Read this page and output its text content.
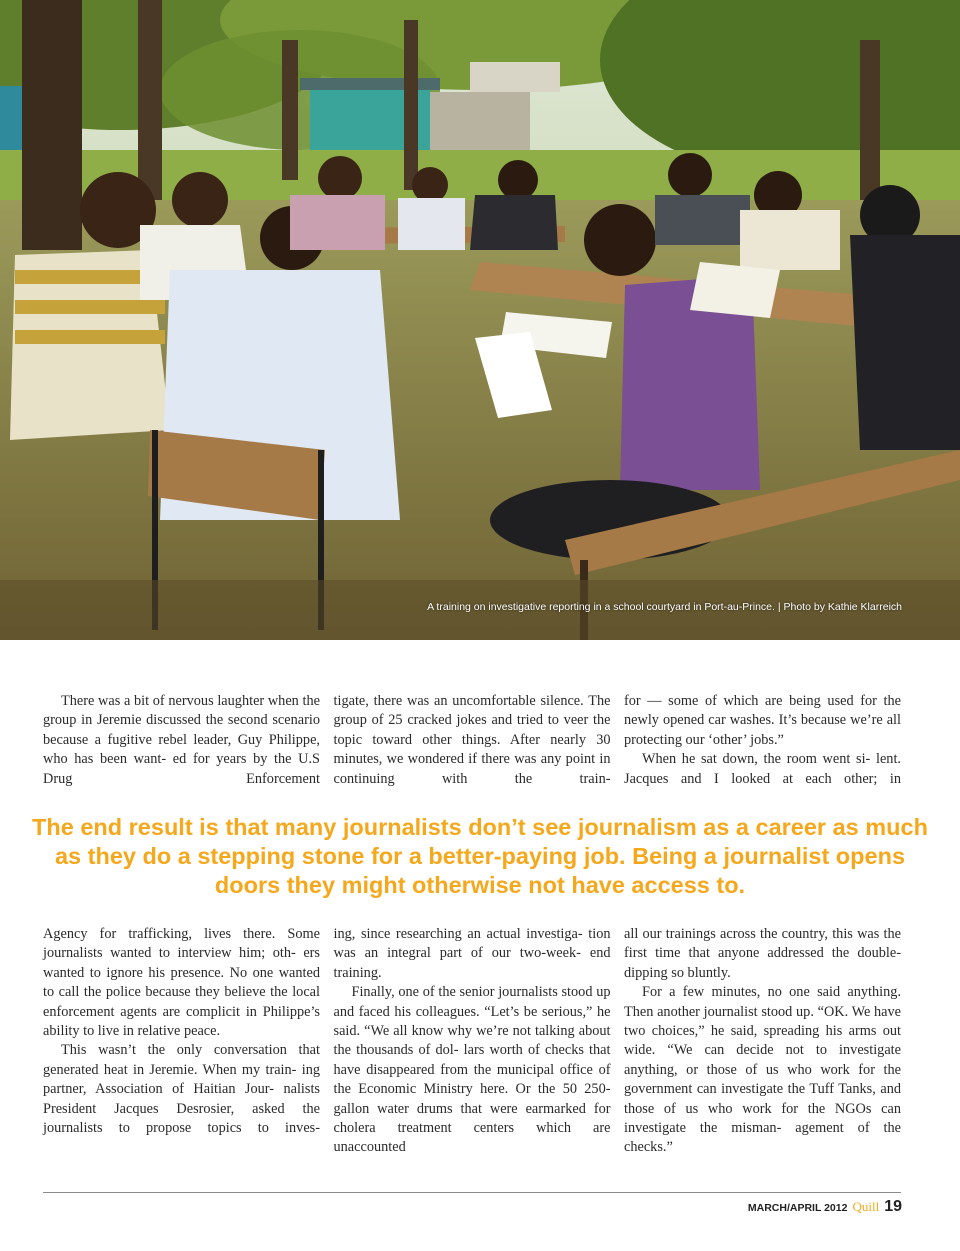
A training on investigative reporting in a school courtyard in Port-au-Prince. | Photo by Kathie Klarreich

There was a bit of nervous laughter when the group in Jeremie discussed the second scenario because a fugitive rebel leader, Guy Philippe, who has been want- ed for years by the U.S Drug Enforcement

tigate, there was an uncomfortable silence. The group of 25 cracked jokes and tried to veer the topic toward other things. After nearly 30 minutes, we wondered if there was any point in continuing with the train-

for — some of which are being used for the newly opened car washes. It’s because we’re all protecting our ‘other’ jobs.”

When he sat down, the room went si- lent. Jacques and I looked at each other; in

The end result is that many journalists don’t see journalism as a career as much as they do a stepping stone for a better-paying job. Being a journalist opens doors they might otherwise not have access to.

Agency for trafficking, lives there. Some journalists wanted to interview him; oth- ers wanted to ignore his presence. No one wanted to call the police because they believe the local enforcement agents are complicit in Philippe’s ability to live in relative peace.

This wasn’t the only conversation that generated heat in Jeremie. When my train- ing partner, Association of Haitian Jour- nalists President Jacques Desrosier, asked the journalists to propose topics to inves-

ing, since researching an actual investiga- tion was an integral part of our two-week- end training.

Finally, one of the senior journalists stood up and faced his colleagues. “Let’s be serious,” he said. “We all know why we’re not talking about the thousands of dol- lars worth of checks that have disappeared from the municipal office of the Economic Ministry here. Or the 50 250-gallon water drums that were earmarked for cholera treatment centers which are unaccounted

all our trainings across the country, this was the first time that anyone addressed the double-dipping so bluntly.

For a few minutes, no one said anything. Then another journalist stood up. “OK. We have two choices,” he said, spreading his arms out wide. “We can decide not to investigate anything, or those of us who work for the government can investigate the Tuff Tanks, and those of us who work for the NGOs can investigate the misman- agement of the checks.”

MARCH/APRIL 2012 Quill 19
